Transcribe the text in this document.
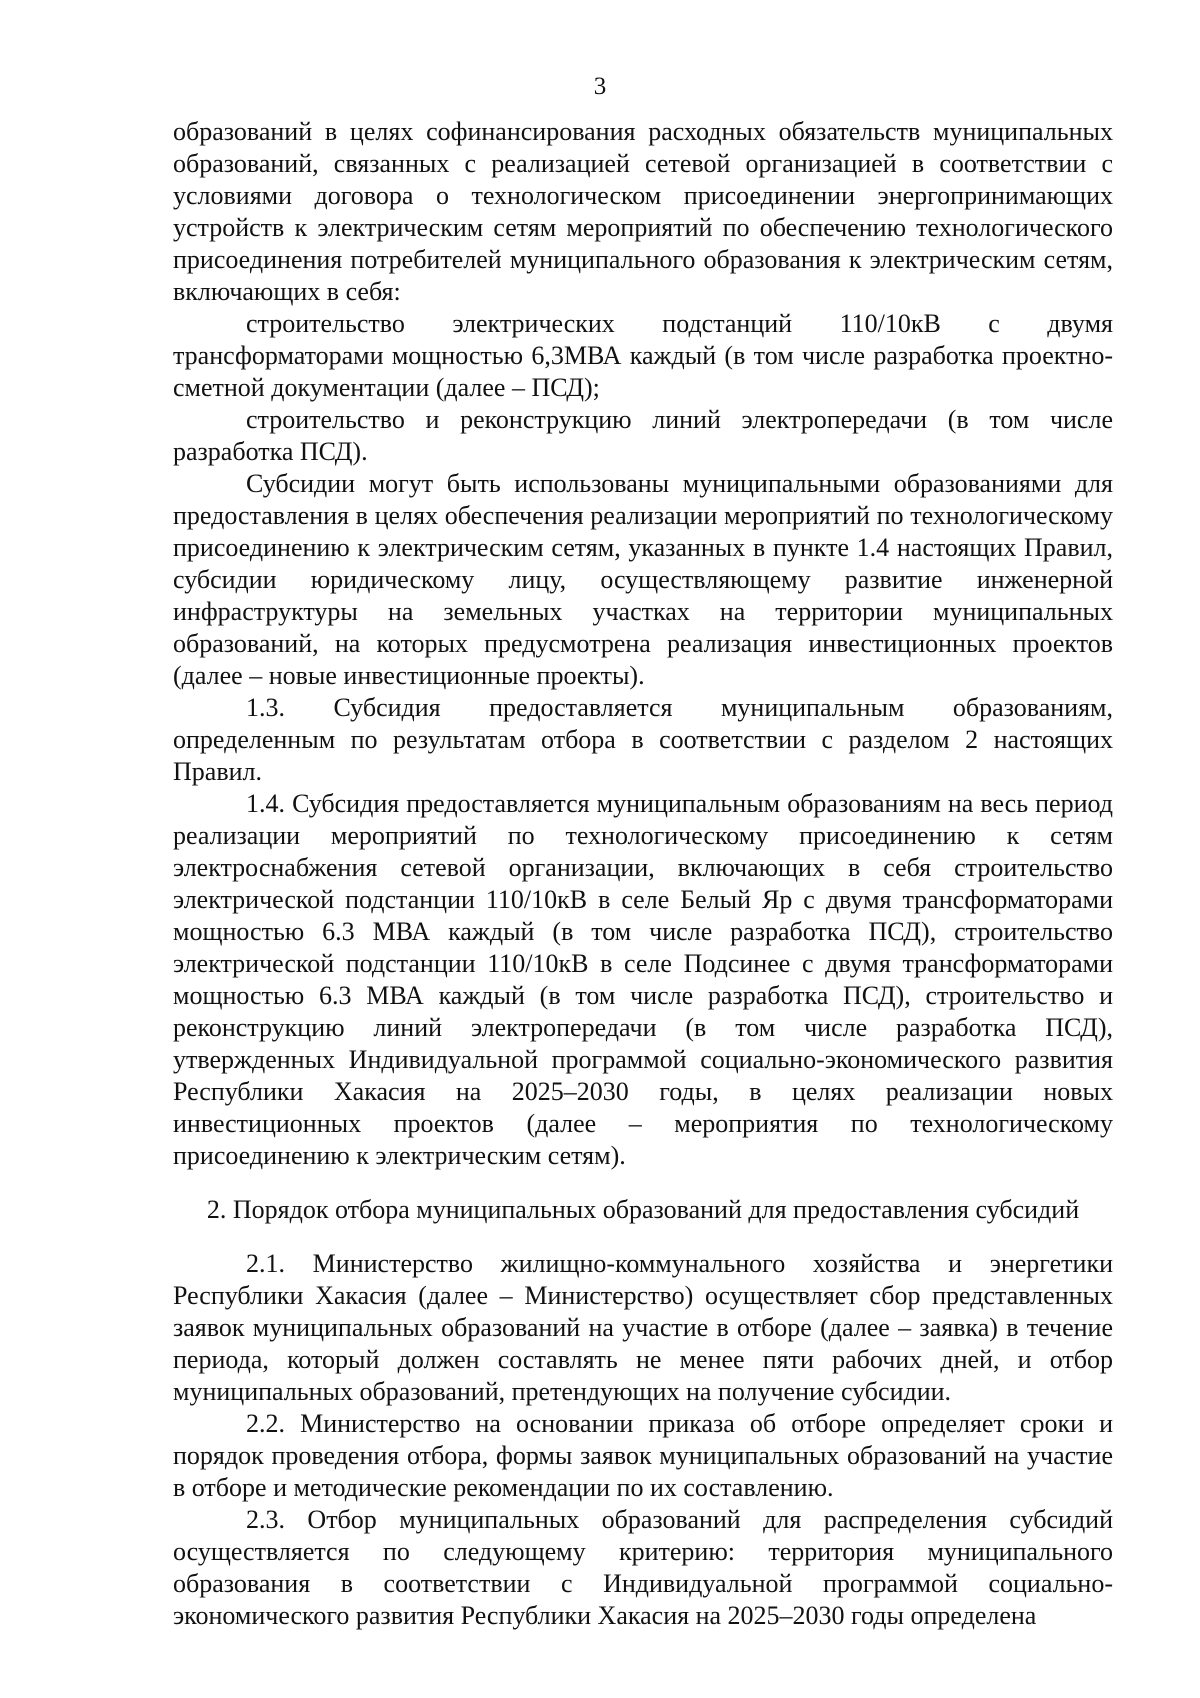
3

образований в целях софинансирования расходных обязательств муниципальных образований, связанных с реализацией сетевой организацией в соответствии с условиями договора о технологическом присоединении энергопринимающих устройств к электрическим сетям мероприятий по обеспечению технологического присоединения потребителей муниципального образования к электрическим сетям, включающих в себя:

строительство электрических подстанций 110/10кВ с двумя трансформаторами мощностью 6,3МВА каждый (в том числе разработка проектно-сметной документации (далее – ПСД);

строительство и реконструкцию линий электропередачи (в том числе разработка ПСД).

Субсидии могут быть использованы муниципальными образованиями для предоставления в целях обеспечения реализации мероприятий по технологическому присоединению к электрическим сетям, указанных в пункте 1.4 настоящих Правил, субсидии юридическому лицу, осуществляющему развитие инженерной инфраструктуры на земельных участках на территории муниципальных образований, на которых предусмотрена реализация инвестиционных проектов (далее – новые инвестиционные проекты).

1.3. Субсидия предоставляется муниципальным образованиям, определенным по результатам отбора в соответствии с разделом 2 настоящих Правил.

1.4. Субсидия предоставляется муниципальным образованиям на весь период реализации мероприятий по технологическому присоединению к сетям электроснабжения сетевой организации, включающих в себя строительство электрической подстанции 110/10кВ в селе Белый Яр с двумя трансформаторами мощностью 6.3 МВА каждый (в том числе разработка ПСД), строительство электрической подстанции 110/10кВ в селе Подсинее с двумя трансформаторами мощностью 6.3 МВА каждый (в том числе разработка ПСД), строительство и реконструкцию линий электропередачи (в том числе разработка ПСД), утвержденных Индивидуальной программой социально-экономического развития Республики Хакасия на 2025–2030 годы, в целях реализации новых инвестиционных проектов (далее – мероприятия по технологическому присоединению к электрическим сетям).

2. Порядок отбора муниципальных образований для предоставления субсидий

2.1. Министерство жилищно-коммунального хозяйства и энергетики Республики Хакасия (далее – Министерство) осуществляет сбор представленных заявок муниципальных образований на участие в отборе (далее – заявка) в течение периода, который должен составлять не менее пяти рабочих дней, и отбор муниципальных образований, претендующих на получение субсидии.

2.2. Министерство на основании приказа об отборе определяет сроки и порядок проведения отбора, формы заявок муниципальных образований на участие в отборе и методические рекомендации по их составлению.

2.3. Отбор муниципальных образований для распределения субсидий осуществляется по следующему критерию: территория муниципального образования в соответствии с Индивидуальной программой социально-экономического развития Республики Хакасия на 2025–2030 годы определена
